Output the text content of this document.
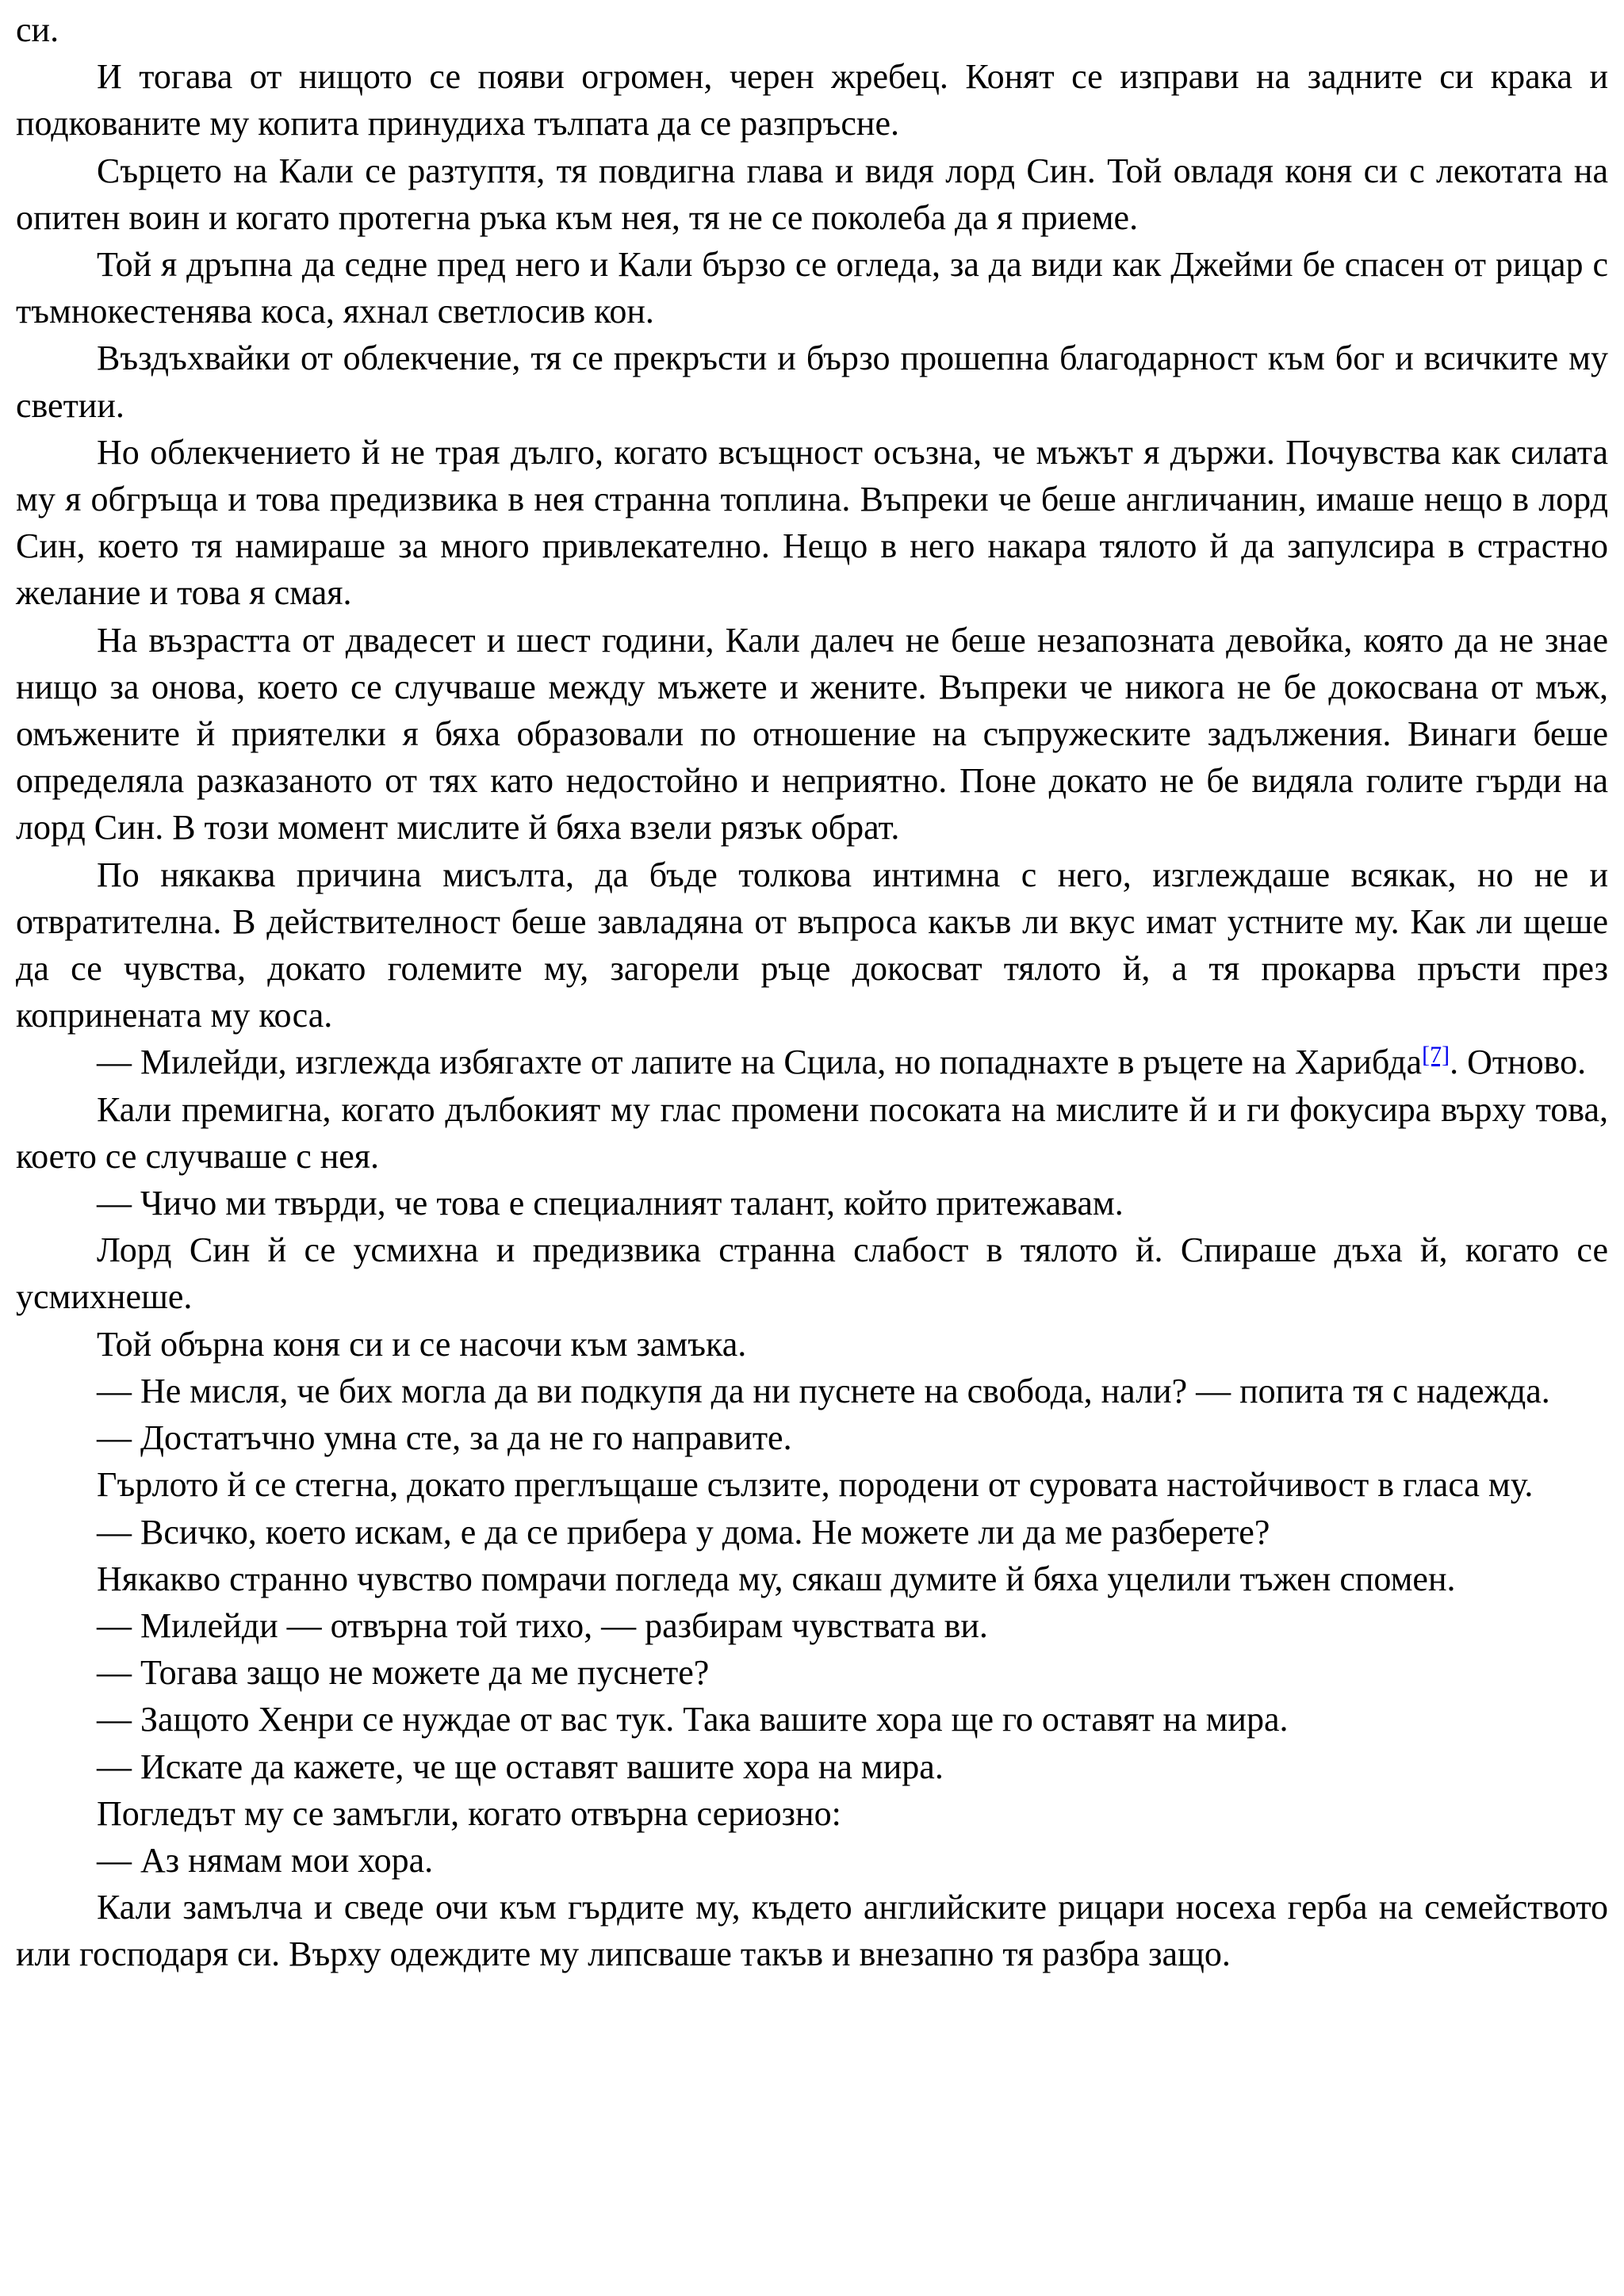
си.

И тогава от нищото се появи огромен, черен жребец. Конят се изправи на задните си крака и подкованите му копита принудиха тълпата да се разпръсне.

Сърцето на Кали се разтуптя, тя повдигна глава и видя лорд Син. Той овладя коня си с лекотата на опитен воин и когато протегна ръка към нея, тя не се поколеба да я приеме.

Той я дръпна да седне пред него и Кали бързо се огледа, за да види как Джейми бе спасен от рицар с тъмнокестенява коса, яхнал светлосив кон.

Въздъхвайки от облекчение, тя се прекръсти и бързо прошепна благодарност към бог и всичките му светии.

Но облекчението й не трая дълго, когато всъщност осъзна, че мъжът я държи. Почувства как силата му я обгръща и това предизвика в нея странна топлина. Въпреки че беше англичанин, имаше нещо в лорд Син, което тя намираше за много привлекателно. Нещо в него накара тялото й да запулсира в страстно желание и това я смая.

На възрастта от двадесет и шест години, Кали далеч не беше незапозната девойка, която да не знае нищо за онова, което се случваше между мъжете и жените. Въпреки че никога не бе докосвана от мъж, омъжените й приятелки я бяха образовали по отношение на съпружеските задължения. Винаги беше определяла разказаното от тях като недостойно и неприятно. Поне докато не бе видяла голите гърди на лорд Син. В този момент мислите й бяха взели рязък обрат.

По някаква причина мисълта, да бъде толкова интимна с него, изглеждаше всякак, но не и отвратителна. В действителност беше завладяна от въпроса какъв ли вкус имат устните му. Как ли щеше да се чувства, докато големите му, загорели ръце докосват тялото й, а тя прокарва пръсти през копринената му коса.

— Милейди, изглежда избягахте от лапите на Сцила, но попаднахте в ръцете на Харибда[7]. Отново.

Кали премигна, когато дълбокият му глас промени посоката на мислите й и ги фокусира върху това, което се случваше с нея.

— Чичо ми твърди, че това е специалният талант, който притежавам.

Лорд Син й се усмихна и предизвика странна слабост в тялото й. Спираше дъха й, когато се усмихнеше.

Той обърна коня си и се насочи към замъка.

— Не мисля, че бих могла да ви подкупя да ни пуснете на свобода, нали? — попита тя с надежда.

— Достатъчно умна сте, за да не го направите.

Гърлото й се стегна, докато преглъщаше сълзите, породени от суровата настойчивост в гласа му.

— Всичко, което искам, е да се прибера у дома. Не можете ли да ме разберете?

Някакво странно чувство помрачи погледа му, сякаш думите й бяха уцелили тъжен спомен.

— Милейди — отвърна той тихо, — разбирам чувствата ви.

— Тогава защо не можете да ме пуснете?

— Защото Хенри се нуждае от вас тук. Така вашите хора ще го оставят на мира.

— Искате да кажете, че ще оставят вашите хора на мира.

Погледът му се замъгли, когато отвърна сериозно:

— Аз нямам мои хора.

Кали замълча и сведе очи към гърдите му, където английските рицари носеха герба на семейството или господаря си. Върху одеждите му липсваше такъв и внезапно тя разбра защо.
